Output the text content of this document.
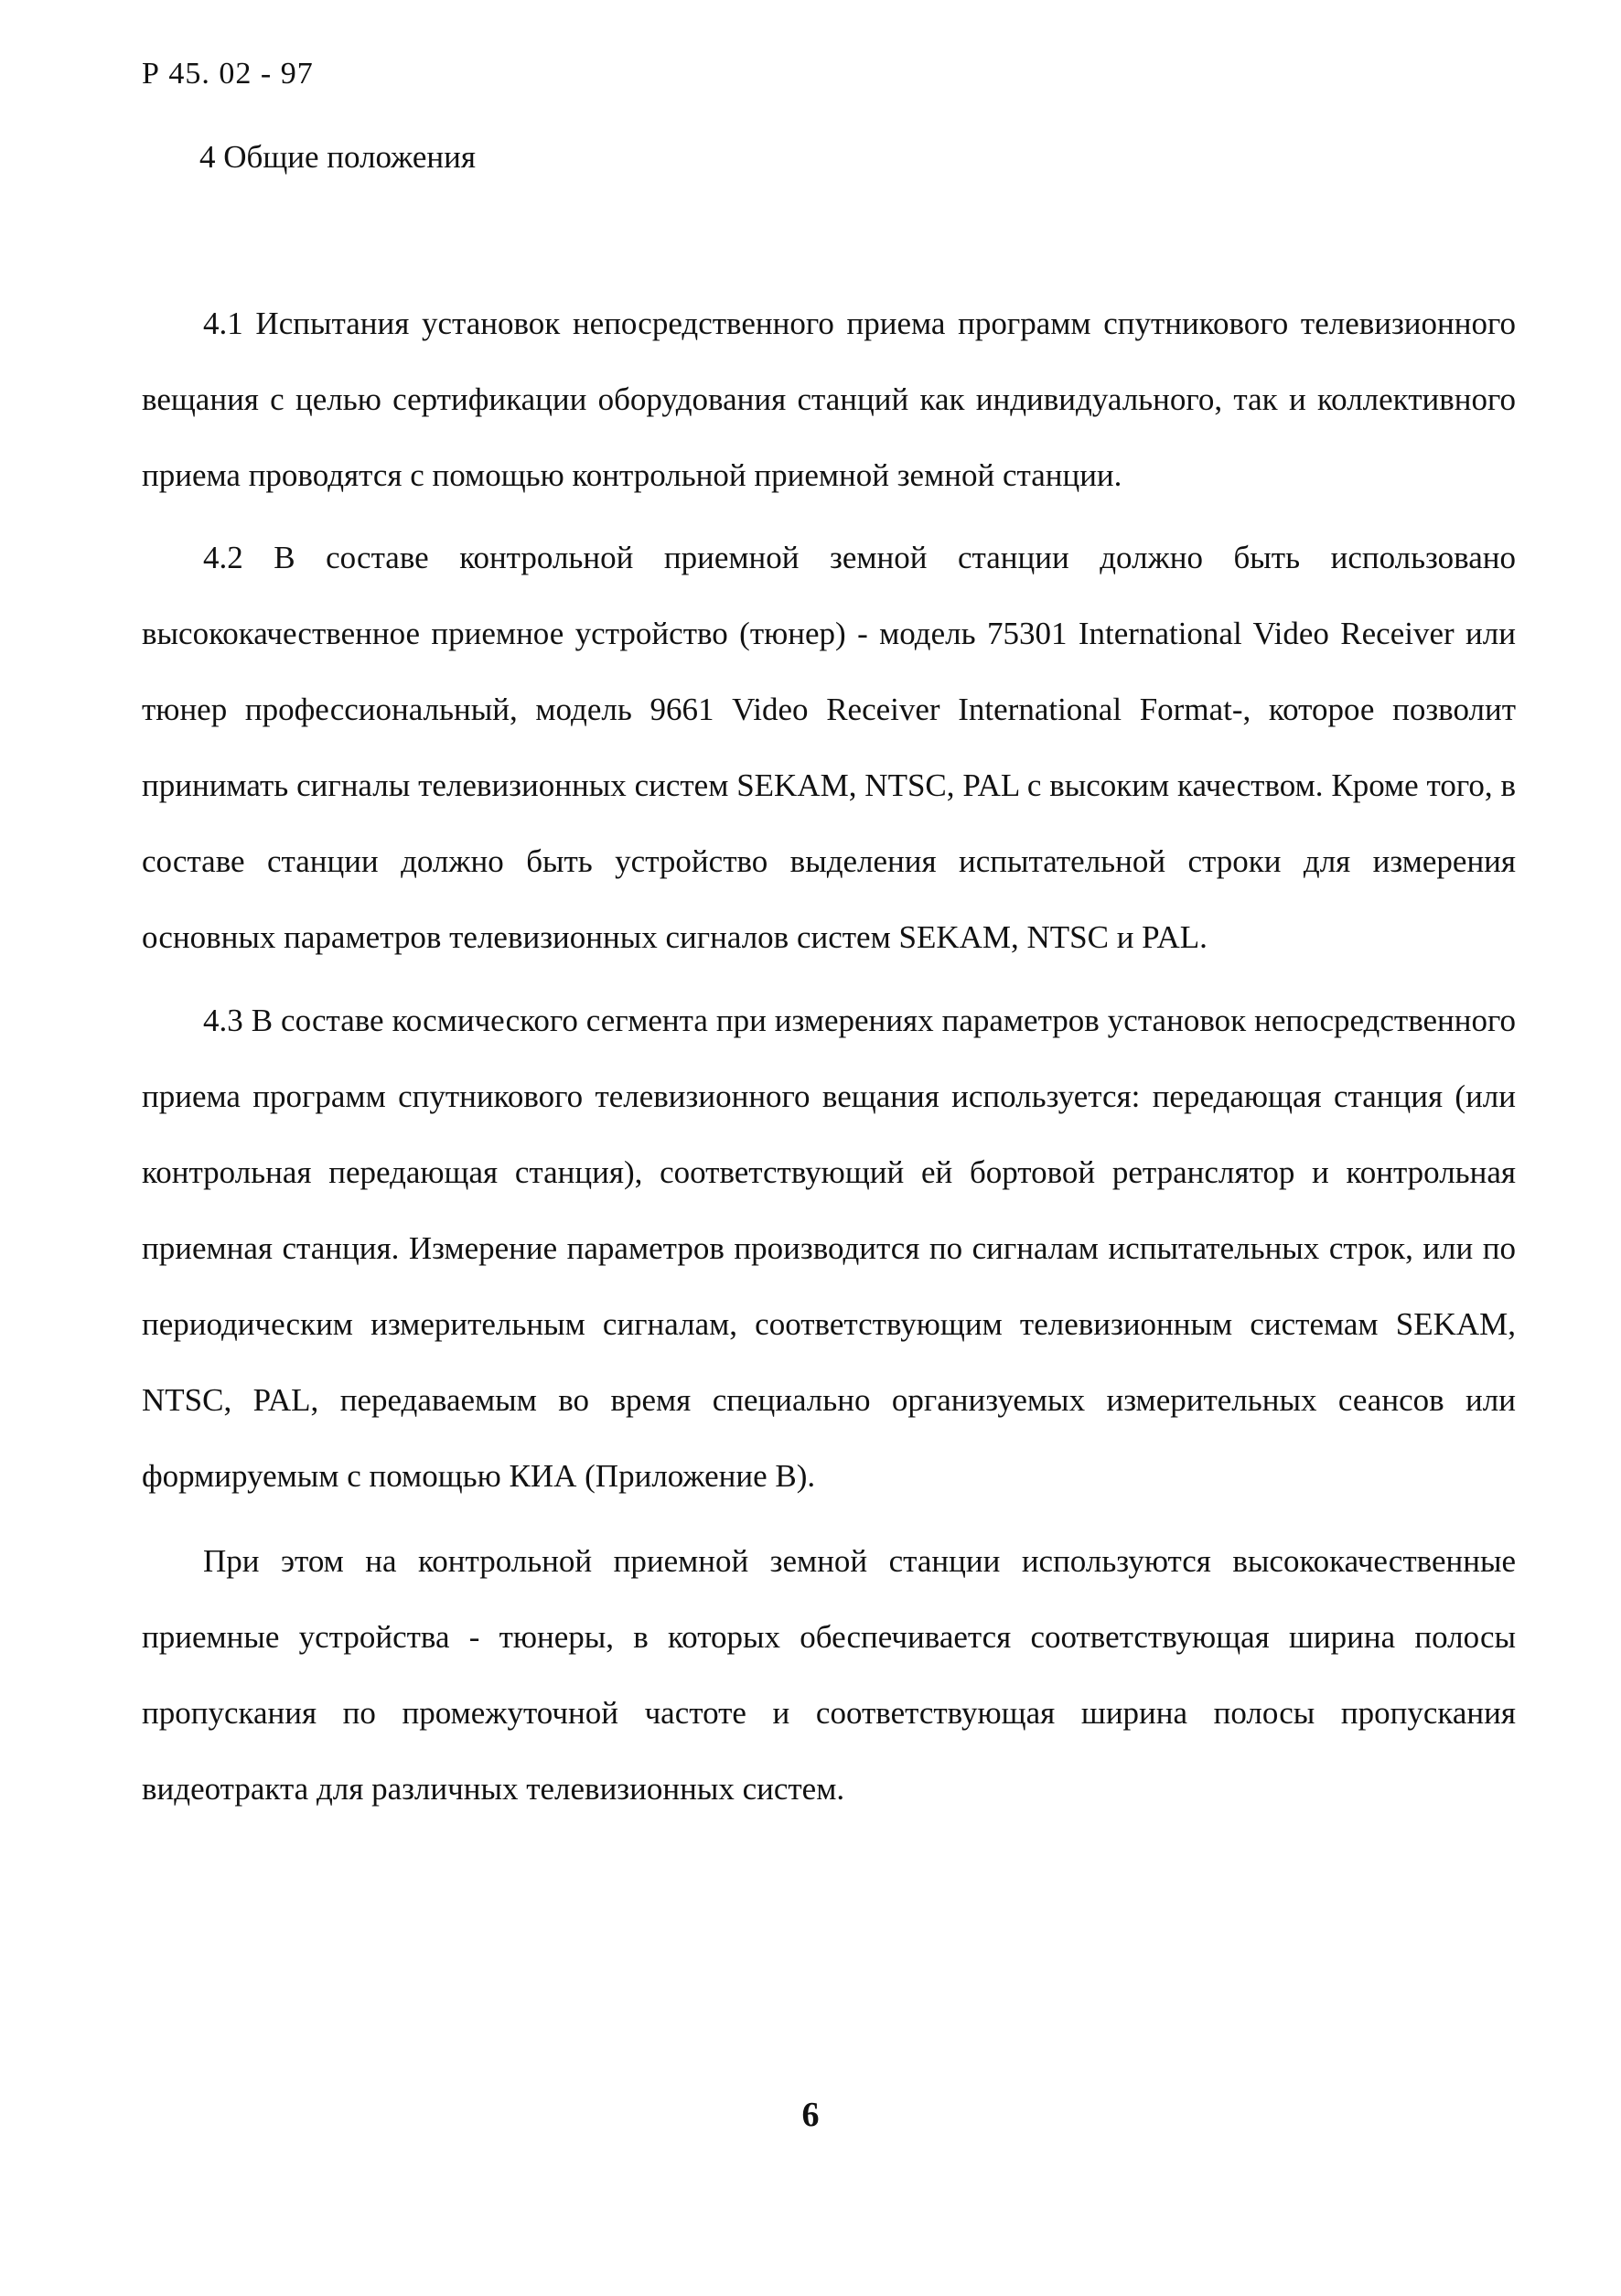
Р 45. 02 - 97

4 Общие положения

4.1 Испытания установок непосредственного приема программ спутникового телевизионного вещания с целью сертификации оборудования станций как индивидуального, так и коллективного приема проводятся с помощью контрольной приемной земной станции.

4.2 В составе контрольной приемной земной станции должно быть использовано высококачественное приемное устройство (тюнер) - модель 75301 International Video Receiver или тюнер профессиональный, модель 9661 Video Receiver International Format-, которое позволит принимать сигналы телевизионных систем SEKAM, NTSC, PAL с высоким качеством. Кроме того, в составе станции должно быть устройство выделения испытательной строки для измерения основных параметров телевизионных сигналов систем SEKAM, NTSC и PAL.

4.3 В составе космического сегмента при измерениях параметров установок непосредственного приема программ спутникового телевизионного вещания используется: передающая станция (или контрольная передающая станция), соответствующий ей бортовой ретранслятор и контрольная приемная станция. Измерение параметров производится по сигналам испытательных строк, или по периодическим измерительным сигналам, соответствующим телевизионным системам SEKAM, NTSC, PAL, передаваемым во время специально организуемых измерительных сеансов или формируемым с помощью КИА (Приложение В).

При этом на контрольной приемной земной станции используются высококачественные приемные устройства - тюнеры, в которых обеспечивается соответствующая ширина полосы пропускания по промежуточной частоте и соответствующая ширина полосы пропускания видеотракта для различных телевизионных систем.

6
